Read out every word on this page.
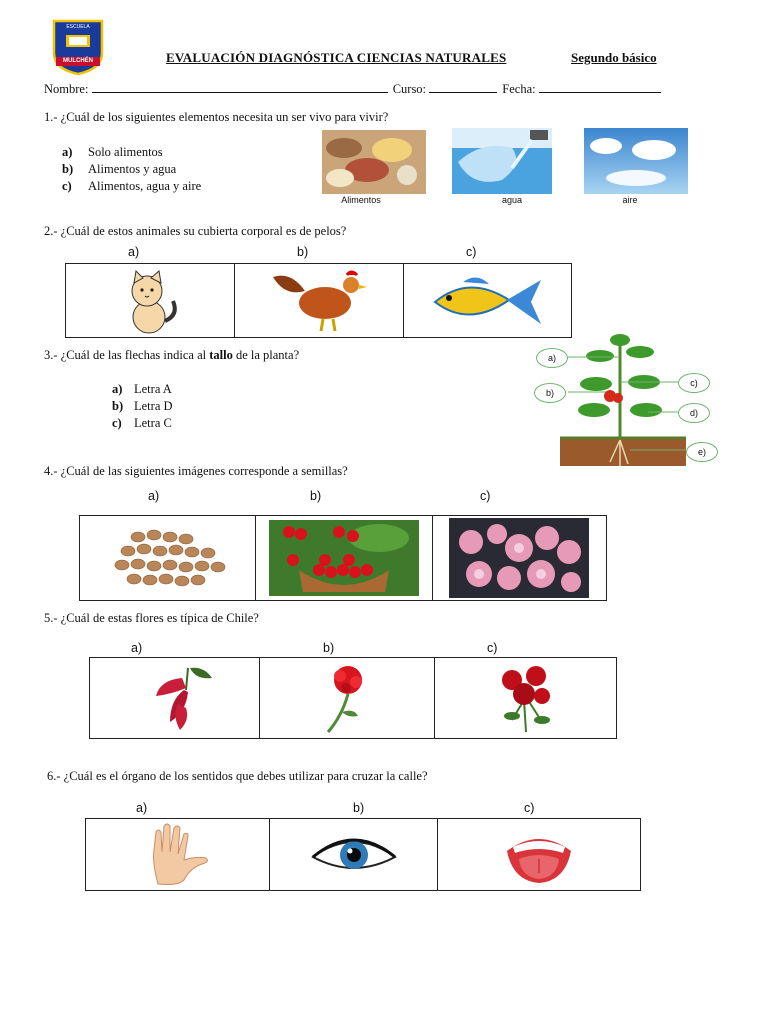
ESCUELA
MULCHÉN	EVALUACIÓN DIAGNÓSTICA CIENCIAS NATURALES	Segundo básico
Nombre:	Curso:	Fecha:
1.- ¿Cuál de los siguientes elementos necesita un ser vivo para vivir?
a) Solo alimentos
b) Alimentos y agua
c) Alimentos, agua y aire
Alimentos	agua	aire
2.- ¿Cuál de estos animales su cubierta corporal es de pelos?
a)	b)	c)
3.- ¿Cuál de las flechas indica al tallo de la planta?
a) Letra A
b) Letra D
c) Letra C
a)
b)
c)
d)
e)
4.- ¿Cuál de las siguientes imágenes corresponde a semillas?
a)	b)	c)
5.- ¿Cuál de estas flores es típica de Chile?
a)	b)	c)
6.- ¿Cuál es el órgano de los sentidos que debes utilizar para cruzar la calle?
a)	b)	c)
